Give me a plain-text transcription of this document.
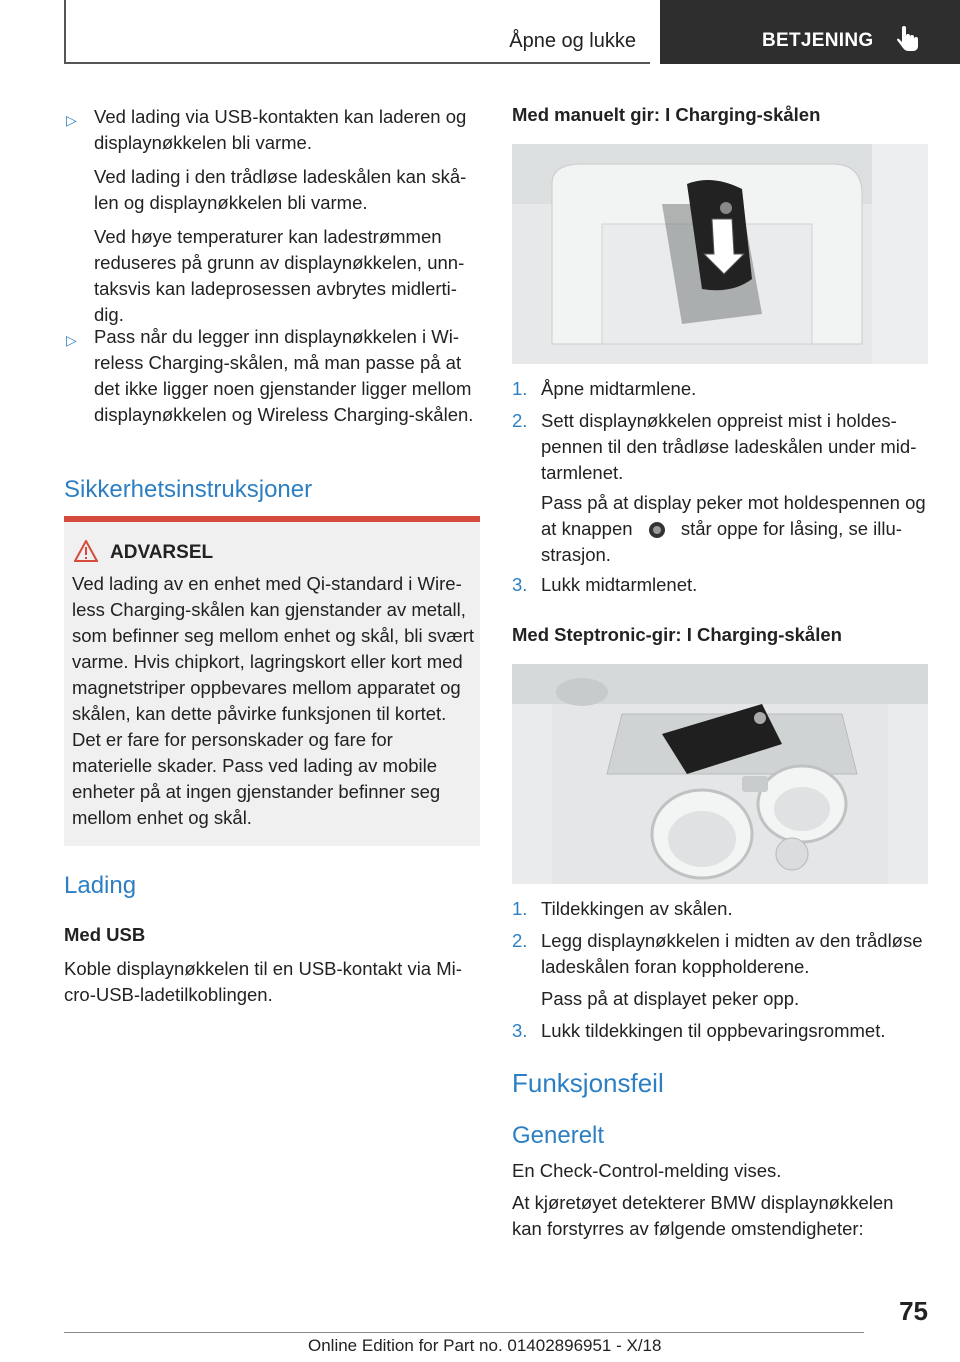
Åpne og lukke	BETJENING
▷ Ved lading via USB-kontakten kan laderen og displaynøkkelen bli varme.

Ved lading i den trådløse ladeskålen kan skålen og displaynøkkelen bli varme.

Ved høye temperaturer kan ladestrømmen reduseres på grunn av displaynøkkelen, unntaksvis kan ladeprosessen avbrytes midlertidig.

▷ Pass når du legger inn displaynøkkelen i Wireless Charging-skålen, må man passe på at det ikke ligger noen gjenstander ligger mellom displaynøkkelen og Wireless Charging-skålen.

Sikkerhetsinstruksjoner
ADVARSEL
Ved lading av en enhet med Qi-standard i Wireless Charging-skålen kan gjenstander av metall, som befinner seg mellom enhet og skål, bli svært varme. Hvis chipkort, lagringskort eller kort med magnetstriper oppbevares mellom apparatet og skålen, kan dette påvirke funksjonen til kortet. Det er fare for personskader og fare for materielle skader. Pass ved lading av mobile enheter på at ingen gjenstander befinner seg mellom enhet og skål.
Lading
Med USB
Koble displaynøkkelen til en USB-kontakt via Micro-USB-ladetilkoblingen.
Med manuelt gir: I Charging-skålen
1. Åpne midtarmlene.
2. Sett displaynøkkelen oppreist mist i holdespennen til den trådløse ladeskålen under midtarmlenet.
Pass på at display peker mot holdespennen og at knappen	står oppe for låsing, se illustrasjon.
3. Lukk midtarmlenet.
Med Steptronic-gir: I Charging-skålen
1. Tildekkingen av skålen.
2. Legg displaynøkkelen i midten av den trådløse ladeskålen foran koppholderene.
Pass på at displayet peker opp.
3. Lukk tildekkingen til oppbevaringsrommet.
Funksjonsfeil
Generelt
En Check-Control-melding vises.
At kjøretøyet detekterer BMW displaynøkkelen kan forstyrres av følgende omstendigheter:
75
Online Edition for Part no. 01402896951 - X/18
